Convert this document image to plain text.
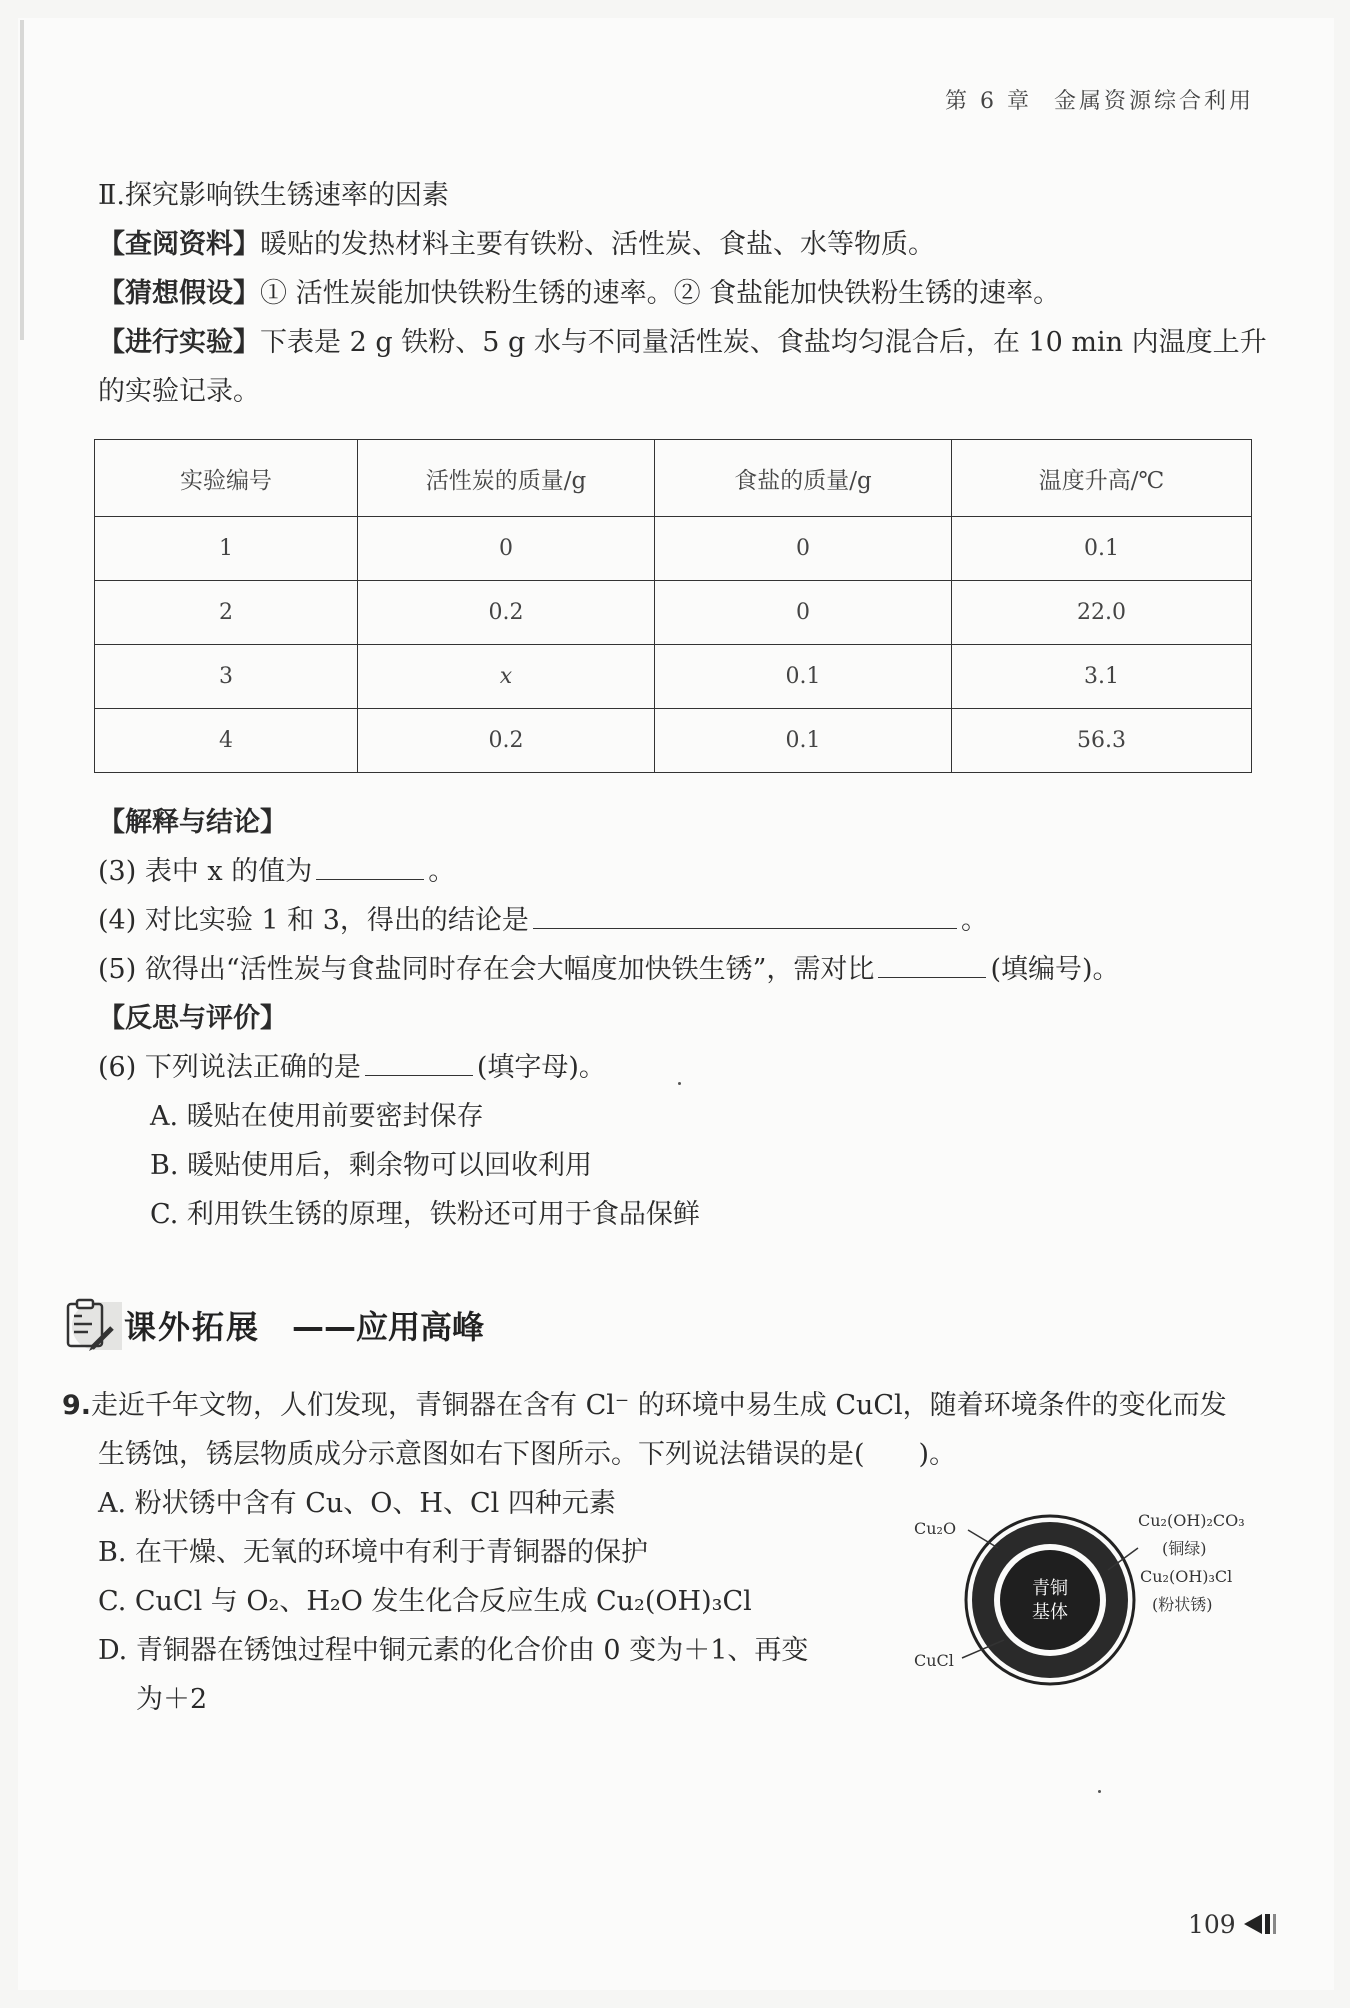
第 6 章 金属资源综合利用
Ⅱ.探究影响铁生锈速率的因素
【查阅资料】暖贴的发热材料主要有铁粉、活性炭、食盐、水等物质。
【猜想假设】① 活性炭能加快铁粉生锈的速率。② 食盐能加快铁粉生锈的速率。
【进行实验】下表是 2 g 铁粉、5 g 水与不同量活性炭、食盐均匀混合后，在 10 min 内温度上升
的实验记录。
实验编号	活性炭的质量/g	食盐的质量/g	温度升高/℃
1	0	0	0.1
2	0.2	0	22.0
3	x	0.1	3.1
4	0.2	0.1	56.3
【解释与结论】
(3) 表中 x 的值为	。
(4) 对比实验 1 和 3，得出的结论是	。
(5) 欲得出“活性炭与食盐同时存在会大幅度加快铁生锈”，需对比	(填编号)。
【反思与评价】
(6) 下列说法正确的是	(填字母)。
A. 暖贴在使用前要密封保存
B. 暖贴使用后，剩余物可以回收利用
C. 利用铁生锈的原理，铁粉还可用于食品保鲜
课外拓展 ——应用高峰
9.走近千年文物，人们发现，青铜器在含有 Cl⁻ 的环境中易生成 CuCl，随着环境条件的变化而发
生锈蚀，锈层物质成分示意图如右下图所示。下列说法错误的是(　　)。
A. 粉状锈中含有 Cu、O、H、Cl 四种元素
B. 在干燥、无氧的环境中有利于青铜器的保护
C. CuCl 与 O₂、H₂O 发生化合反应生成 Cu₂(OH)₃Cl
D. 青铜器在锈蚀过程中铜元素的化合价由 0 变为＋1、再变
为＋2
青铜
基体
Cu₂O
CuCl
Cu₂(OH)₂CO₃
(铜绿)
Cu₂(OH)₃Cl
(粉状锈)
109
